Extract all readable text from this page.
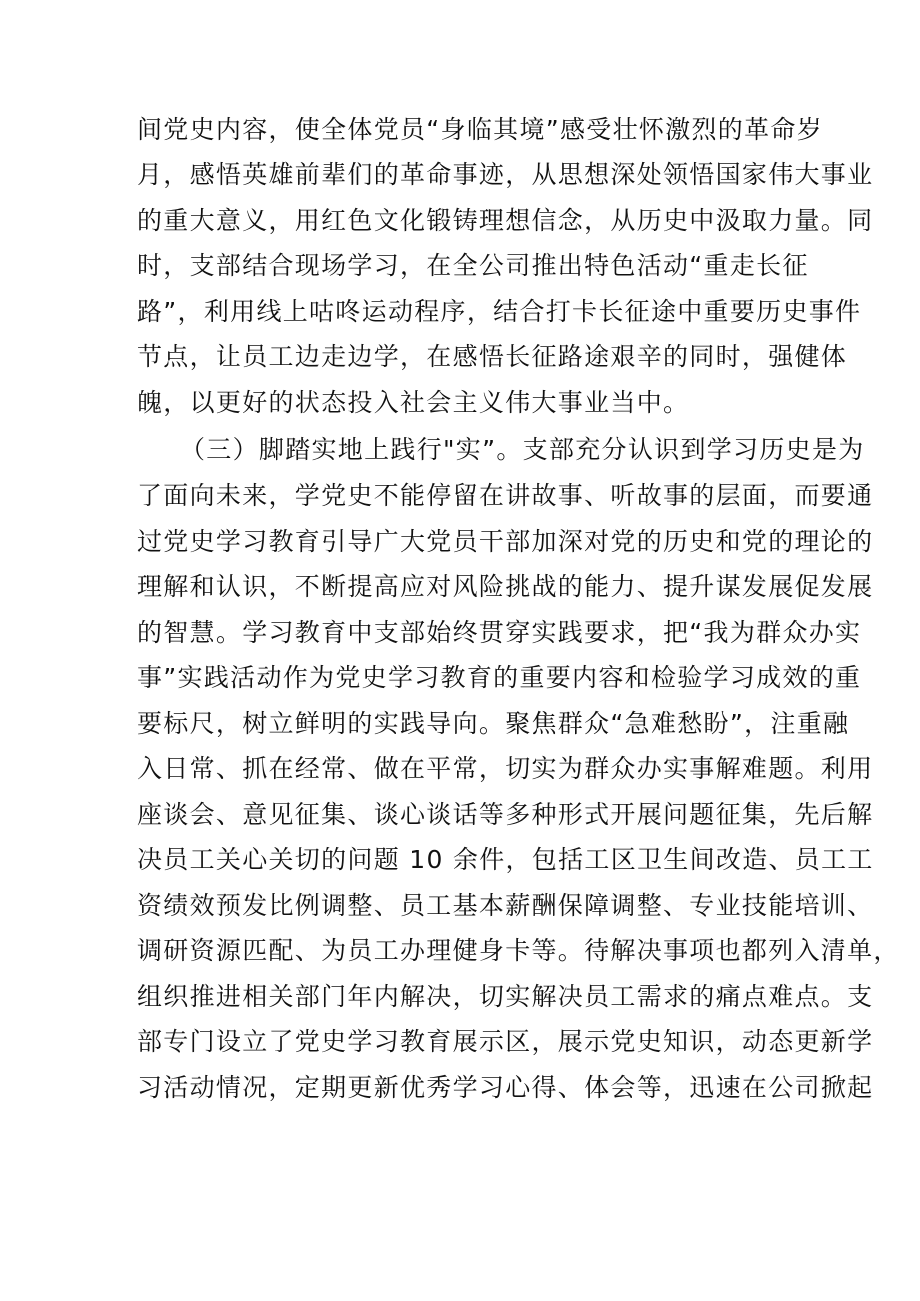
间党史内容，使全体党员“身临其境”感受壮怀激烈的革命岁
月，感悟英雄前辈们的革命事迹，从思想深处领悟国家伟大事业
的重大意义，用红色文化锻铸理想信念，从历史中汲取力量。同
时，支部结合现场学习，在全公司推出特色活动“重走长征
路”，利用线上咕咚运动程序，结合打卡长征途中重要历史事件
节点，让员工边走边学，在感悟长征路途艰辛的同时，强健体
魄，以更好的状态投入社会主义伟大事业当中。
（三）脚踏实地上践行"实”。支部充分认识到学习历史是为
了面向未来，学党史不能停留在讲故事、听故事的层面，而要通
过党史学习教育引导广大党员干部加深对党的历史和党的理论的
理解和认识，不断提高应对风险挑战的能力、提升谋发展促发展
的智慧。学习教育中支部始终贯穿实践要求，把“我为群众办实
事”实践活动作为党史学习教育的重要内容和检验学习成效的重
要标尺，树立鲜明的实践导向。聚焦群众“急难愁盼”，注重融
入日常、抓在经常、做在平常，切实为群众办实事解难题。利用
座谈会、意见征集、谈心谈话等多种形式开展问题征集，先后解
决员工关心关切的问题 10 余件，包括工区卫生间改造、员工工
资绩效预发比例调整、员工基本薪酬保障调整、专业技能培训、
调研资源匹配、为员工办理健身卡等。待解决事项也都列入清单，
组织推进相关部门年内解决，切实解决员工需求的痛点难点。支
部专门设立了党史学习教育展示区，展示党史知识，动态更新学
习活动情况，定期更新优秀学习心得、体会等，迅速在公司掀起
